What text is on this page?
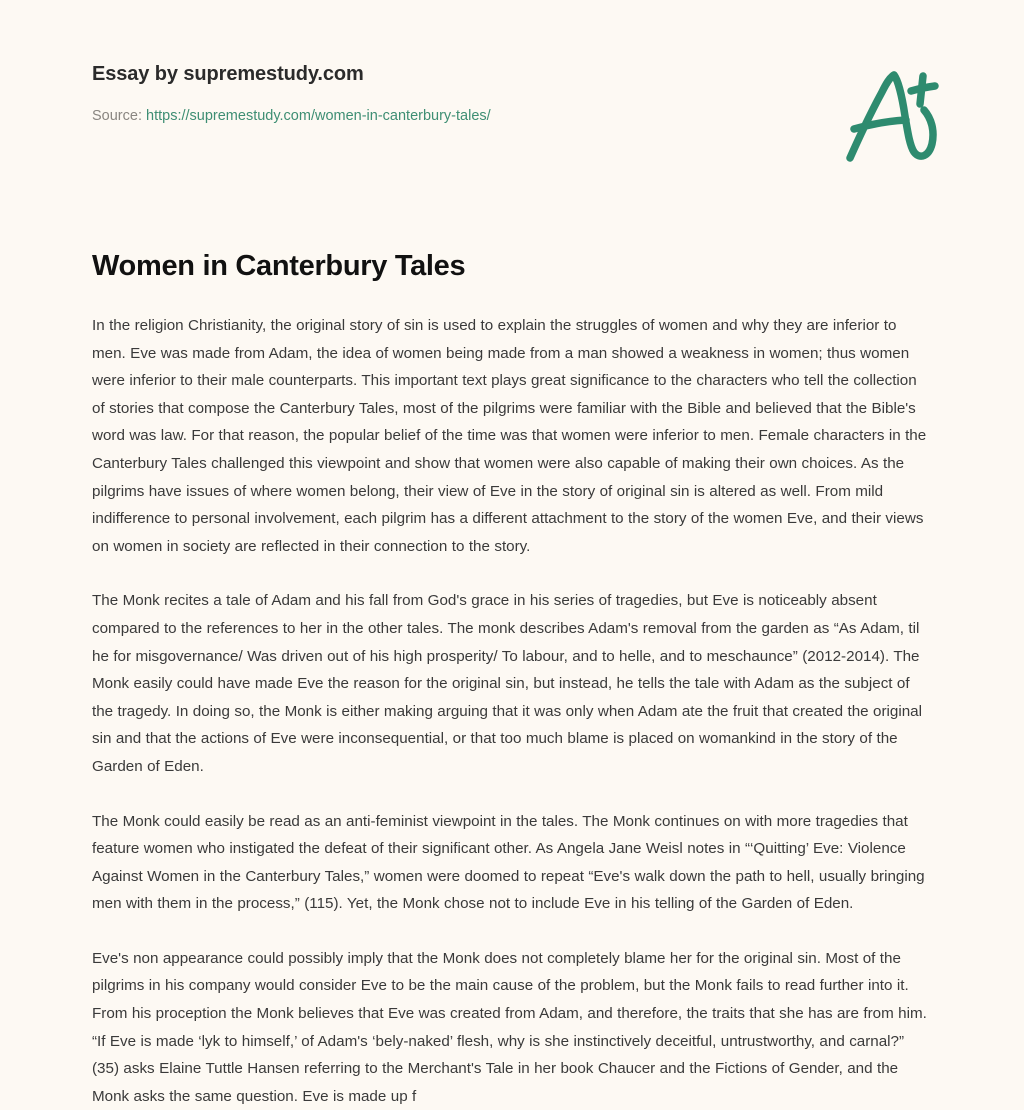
Essay by supremestudy.com
Source: https://supremestudy.com/women-in-canterbury-tales/
Women in Canterbury Tales

In the religion Christianity, the original story of sin is used to explain the struggles of women and why they are inferior to men. Eve was made from Adam, the idea of women being made from a man showed a weakness in women; thus women were inferior to their male counterparts. This important text plays great significance to the characters who tell the collection of stories that compose the Canterbury Tales, most of the pilgrims were familiar with the Bible and believed that the Bible's word was law. For that reason, the popular belief of the time was that women were inferior to men. Female characters in the Canterbury Tales challenged this viewpoint and show that women were also capable of making their own choices. As the pilgrims have issues of where women belong, their view of Eve in the story of original sin is altered as well. From mild indifference to personal involvement, each pilgrim has a different attachment to the story of the women Eve, and their views on women in society are reflected in their connection to the story.

The Monk recites a tale of Adam and his fall from God's grace in his series of tragedies, but Eve is noticeably absent compared to the references to her in the other tales. The monk describes Adam's removal from the garden as “As Adam, til he for misgovernance/ Was driven out of his high prosperity/ To labour, and to helle, and to meschaunce” (2012-2014). The Monk easily could have made Eve the reason for the original sin, but instead, he tells the tale with Adam as the subject of the tragedy. In doing so, the Monk is either making arguing that it was only when Adam ate the fruit that created the original sin and that the actions of Eve were inconsequential, or that too much blame is placed on womankind in the story of the Garden of Eden.

The Monk could easily be read as an anti-feminist viewpoint in the tales. The Monk continues on with more tragedies that feature women who instigated the defeat of their significant other. As Angela Jane Weisl notes in “‘Quitting’ Eve: Violence Against Women in the Canterbury Tales,” women were doomed to repeat “Eve's walk down the path to hell, usually bringing men with them in the process,” (115). Yet, the Monk chose not to include Eve in his telling of the Garden of Eden.

Eve's non appearance could possibly imply that the Monk does not completely blame her for the original sin. Most of the pilgrims in his company would consider Eve to be the main cause of the problem, but the Monk fails to read further into it. From his proception the Monk believes that Eve was created from Adam, and therefore, the traits that she has are from him. “If Eve is made ‘lyk to himself,’ of Adam's ‘bely-naked’ flesh, why is she instinctively deceitful, untrustworthy, and carnal?” (35) asks Elaine Tuttle Hansen referring to the Merchant's Tale in her book Chaucer and the Fictions of Gender, and the Monk asks the same question. Eve is made up f
